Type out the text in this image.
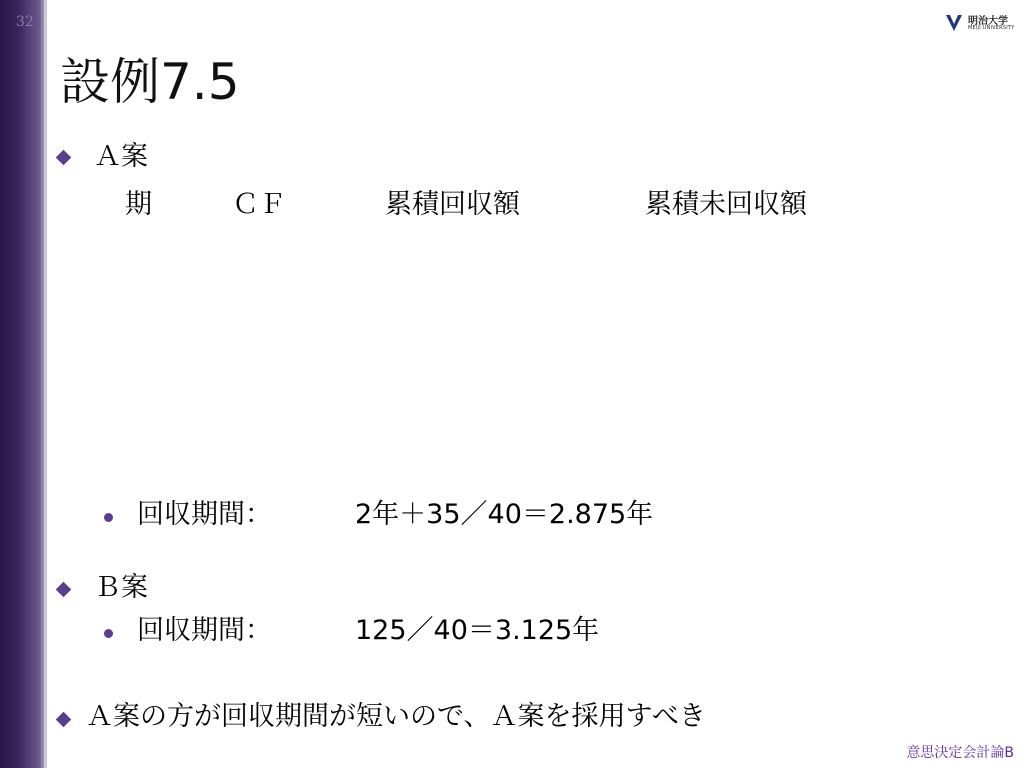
32	明治大学
MEIJI UNIVERSITY
設例7.5
Ａ案
期	ＣＦ	累積回収額	累積未回収額
回収期間：	2年＋35／40＝2.875年
Ｂ案
回収期間：	125／40＝3.125年
Ａ案の方が回収期間が短いので、Ａ案を採用すべき
意思決定会計論B
